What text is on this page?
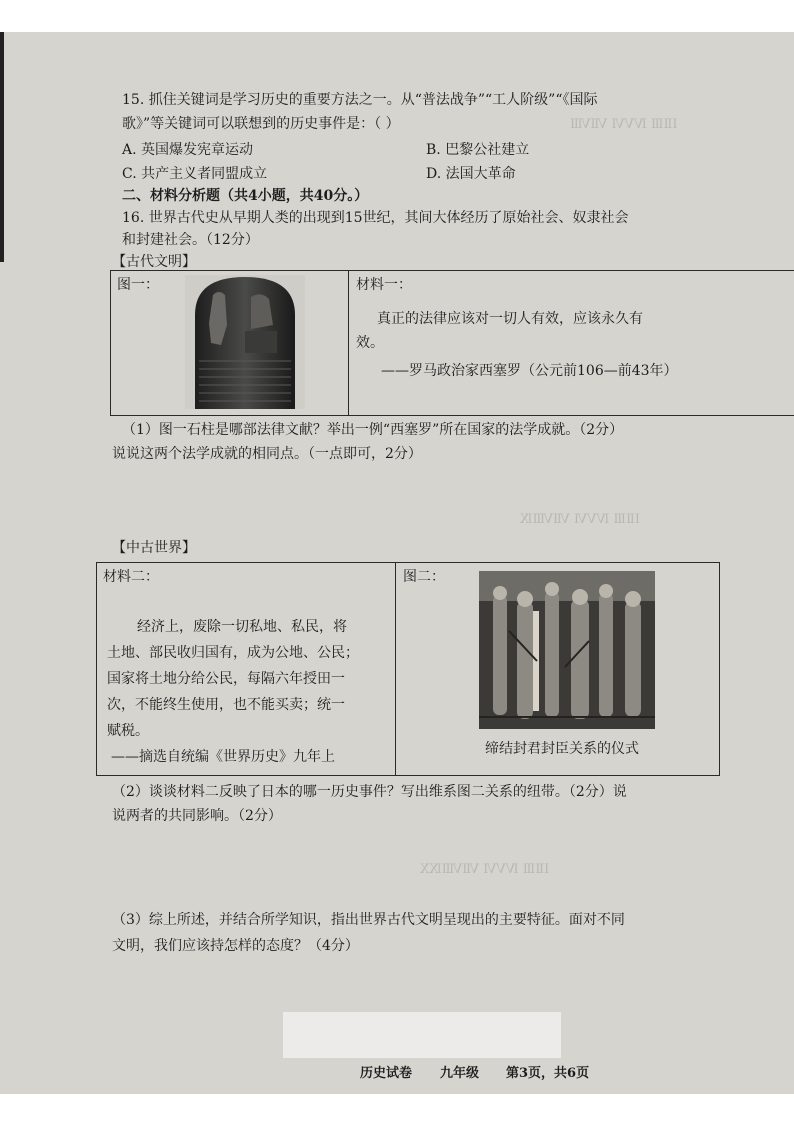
ⅠⅡⅢ ⅣⅤⅥ ⅦⅧ
ⅠⅡⅢ ⅣⅤⅥ ⅦⅧⅨ
ⅠⅡⅢ ⅣⅤⅥ ⅦⅧⅨⅩ
15. 抓住关键词是学习历史的重要方法之一。从“普法战争”“工人阶级”“《国际
歌》”等关键词可以联想到的历史事件是：（ ）
A. 英国爆发宪章运动	B. 巴黎公社建立
C. 共产主义者同盟成立	D. 法国大革命
二、材料分析题（共4小题，共40分。）
16. 世界古代史从早期人类的出现到15世纪，其间大体经历了原始社会、奴隶社会
和封建社会。（12分）
【古代文明】
图一：	材料一：
真正的法律应该对一切人有效，应该永久有
效。
——罗马政治家西塞罗（公元前106—前43年）
（1）图一石柱是哪部法律文献？举出一例“西塞罗”所在国家的法学成就。（2分）
说说这两个法学成就的相同点。（一点即可，2分）
【中古世界】
材料二：
经济上，废除一切私地、私民，将
土地、部民收归国有，成为公地、公民；
国家将土地分给公民，每隔六年授田一
次，不能终生使用，也不能买卖；统一
赋税。
——摘选自统编《世界历史》九年上
图二：
缔结封君封臣关系的仪式
（2）谈谈材料二反映了日本的哪一历史事件？写出维系图二关系的纽带。（2分）说
说两者的共同影响。（2分）
（3）综上所述，并结合所学知识，指出世界古代文明呈现出的主要特征。面对不同
文明，我们应该持怎样的态度？（4分）
历史试卷 九年级 第3页，共6页
